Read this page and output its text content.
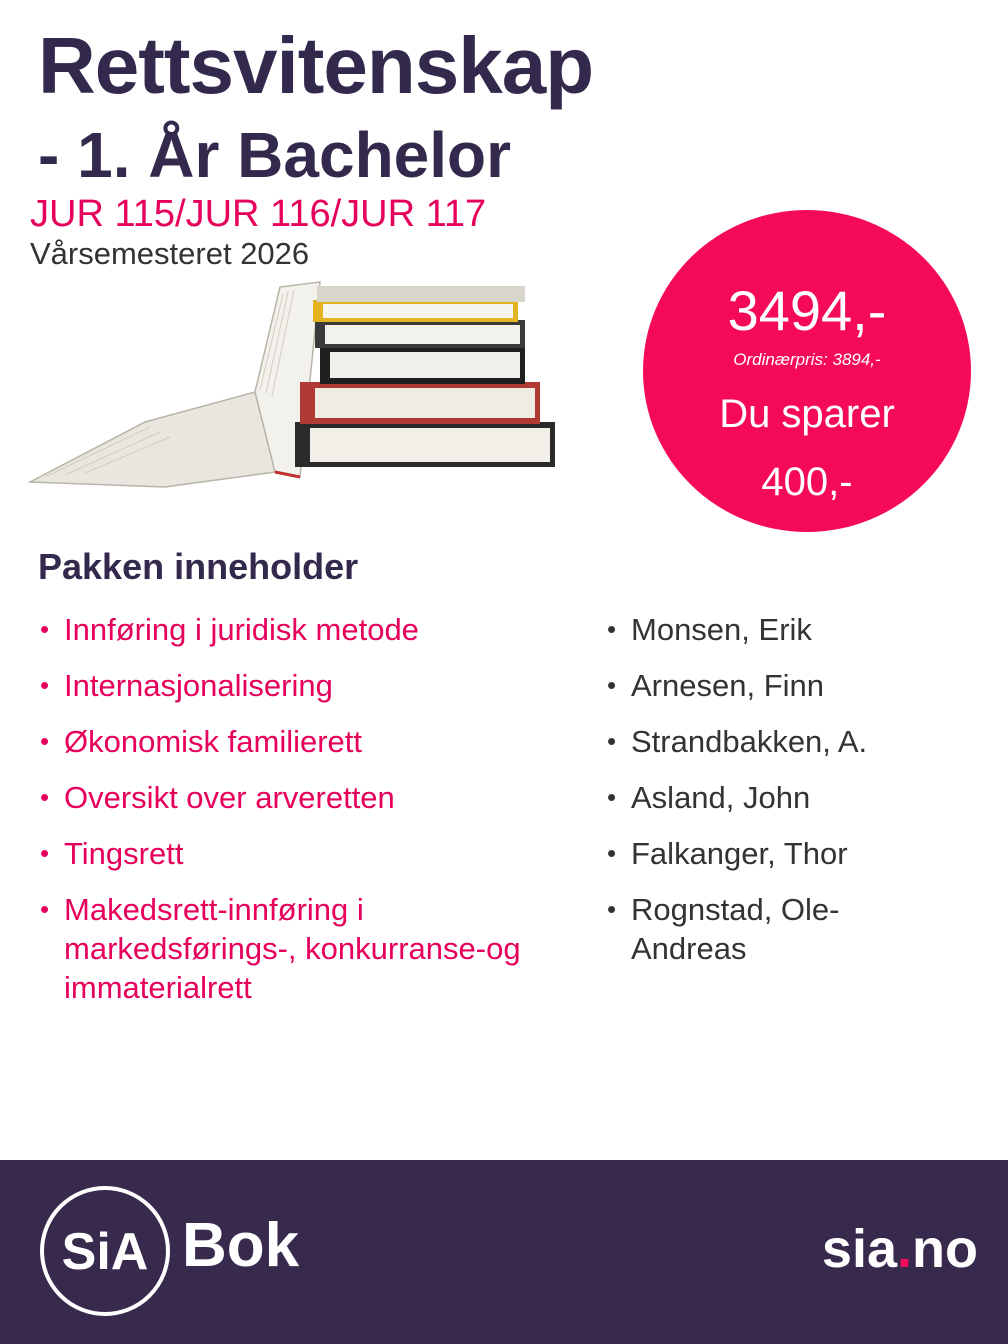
Rettsvitenskap
- 1. År Bachelor
JUR 115/JUR 116/JUR 117
Vårsemesteret 2026
3494,-
Ordinærpris: 3894,-
Du sparer
400,-
Pakken inneholder
• Innføring i juridisk metode
• Internasjonalisering
• Økonomisk familierett
• Oversikt over arveretten
• Tingsrett
• Makedsrett-innføring i markedsførings-, konkurranse-og immaterialrett
• Monsen, Erik
• Arnesen, Finn
• Strandbakken, A.
• Asland, John
• Falkanger, Thor
• Rognstad, Ole-Andreas
SiA Bok	sia.no
